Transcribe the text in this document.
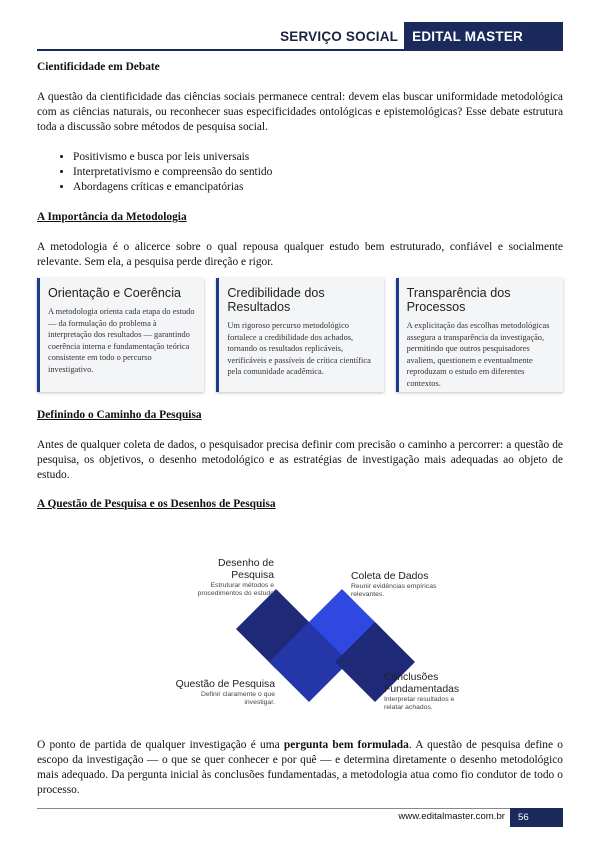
SERVIÇO SOCIAL	EDITAL MASTER
Cientificidade em Debate

A questão da cientificidade das ciências sociais permanece central: devem elas buscar uniformidade metodológica com as ciências naturais, ou reconhecer suas especificidades ontológicas e epistemológicas? Esse debate estrutura toda a discussão sobre métodos de pesquisa social.

• Positivismo e busca por leis universais
• Interpretativismo e compreensão do sentido
• Abordagens críticas e emancipatórias
A Importância da Metodologia

A metodologia é o alicerce sobre o qual repousa qualquer estudo bem estruturado, confiável e socialmente relevante. Sem ela, a pesquisa perde direção e rigor.

Orientação e Coerência
A metodologia orienta cada etapa do estudo — da formulação do problema à interpretação dos resultados — garantindo coerência interna e fundamentação teórica consistente em todo o percurso investigativo.
Credibilidade dos Resultados
Um rigoroso percurso metodológico fortalece a credibilidade dos achados, tornando os resultados replicáveis, verificáveis e passíveis de crítica científica pela comunidade acadêmica.
Transparência dos Processos
A explicitação das escolhas metodológicas assegura a transparência da investigação, permitindo que outros pesquisadores avaliem, questionem e eventualmente reproduzam o estudo em diferentes contextos.
Definindo o Caminho da Pesquisa

Antes de qualquer coleta de dados, o pesquisador precisa definir com precisão o caminho a percorrer: a questão de pesquisa, os objetivos, o desenho metodológico e as estratégias de investigação mais adequadas ao objeto de estudo.

A Questão de Pesquisa e os Desenhos de Pesquisa
Desenho de
Pesquisa
Estruturar métodos e
procedimentos do estudo
Coleta de Dados
Reunir evidências empíricas
relevantes.
Questão de Pesquisa
Definir claramente o que
investigar.
Conclusões
Fundamentadas
Interpretar resultados e
relatar achados.

O ponto de partida de qualquer investigação é uma pergunta bem formulada. A questão de pesquisa define o escopo da investigação — o que se quer conhecer e por quê — e determina diretamente o desenho metodológico mais adequado. Da pergunta inicial às conclusões fundamentadas, a metodologia atua como fio condutor de todo o processo.

www.editalmaster.com.br	56
